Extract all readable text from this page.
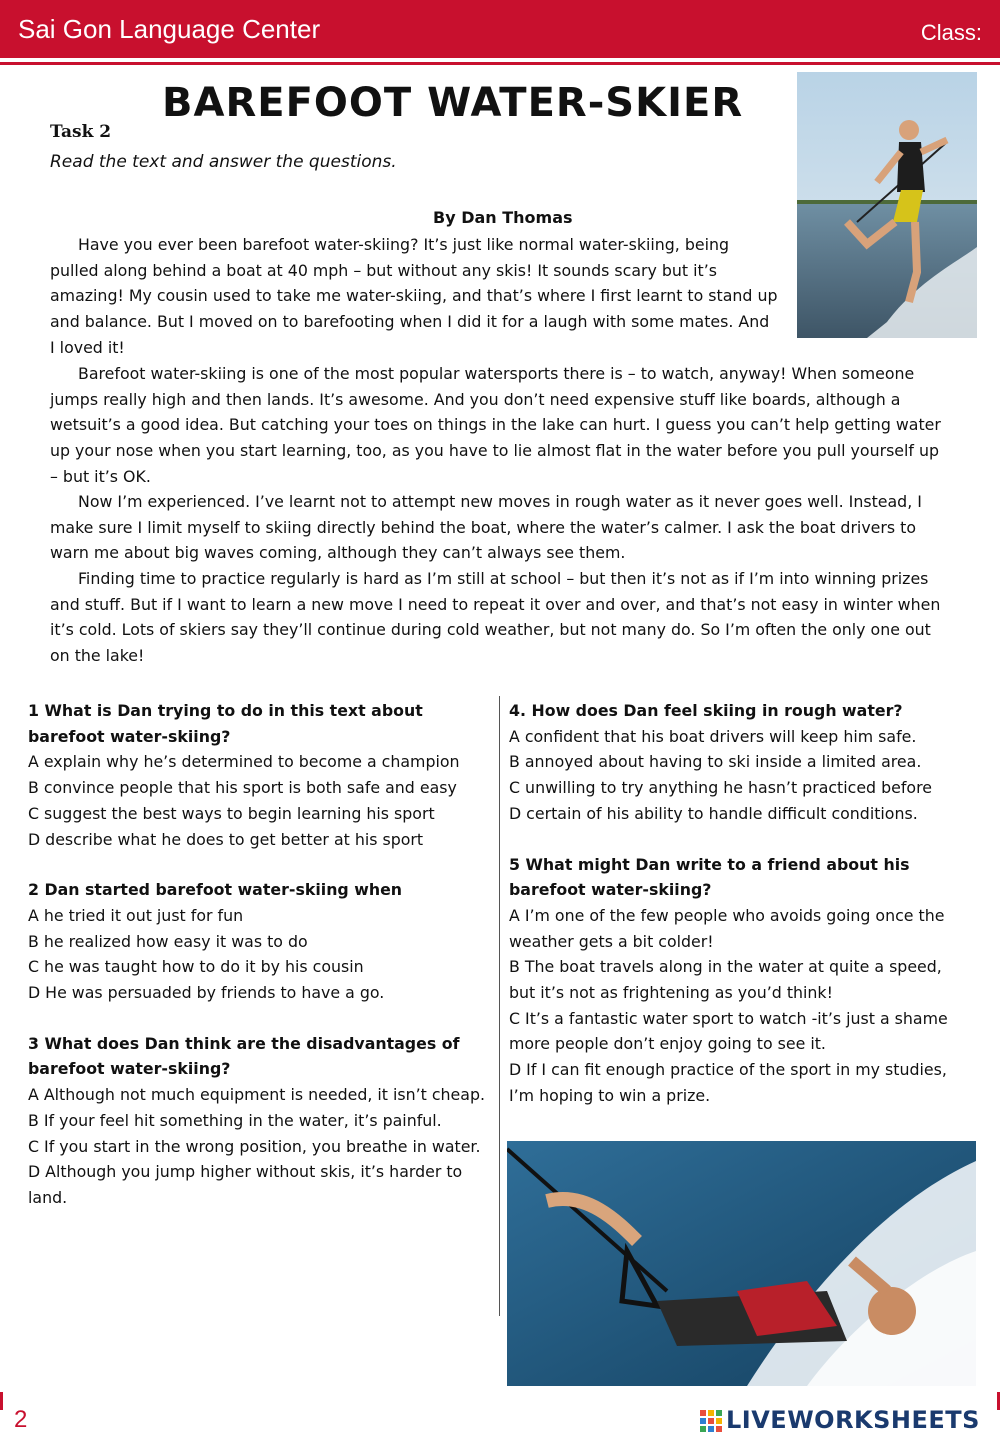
Sai Gon Language Center	Class:
BAREFOOT WATER-SKIER
Task 2
Read the text and answer the questions.
By Dan Thomas

Have you ever been barefoot water-skiing? It’s just like normal water-skiing, being pulled along behind a boat at 40 mph – but without any skis! It sounds scary but it’s amazing! My cousin used to take me water-skiing, and that’s where I first learnt to stand up and balance. But I moved on to barefooting when I did it for a laugh with some mates. And I loved it!

Barefoot water-skiing is one of the most popular watersports there is – to watch, anyway! When someone jumps really high and then lands. It’s awesome. And you don’t need expensive stuff like boards, although a wetsuit’s a good idea. But catching your toes on things in the lake can hurt. I guess you can’t help getting water up your nose when you start learning, too, as you have to lie almost flat in the water before you pull yourself up – but it’s OK.

Now I’m experienced. I’ve learnt not to attempt new moves in rough water as it never goes well. Instead, I make sure I limit myself to skiing directly behind the boat, where the water’s calmer. I ask the boat drivers to warn me about big waves coming, although they can’t always see them.

Finding time to practice regularly is hard as I’m still at school – but then it’s not as if I’m into winning prizes and stuff. But if I want to learn a new move I need to repeat it over and over, and that’s not easy in winter when it’s cold. Lots of skiers say they’ll continue during cold weather, but not many do. So I’m often the only one out on the lake!

1 What is Dan trying to do in this text about barefoot water-skiing?
A explain why he’s determined to become a champion
B convince people that his sport is both safe and easy
C suggest the best ways to begin learning his sport
D describe what he does to get better at his sport
2 Dan started barefoot water-skiing when
A he tried it out just for fun
B he realized how easy it was to do
C he was taught how to do it by his cousin
D He was persuaded by friends to have a go.
3 What does Dan think are the disadvantages of barefoot water-skiing?
A Although not much equipment is needed, it isn’t cheap.
B If your feel hit something in the water, it’s painful.
C If you start in the wrong position, you breathe in water.
D Although you jump higher without skis, it’s harder to land.
4. How does Dan feel skiing in rough water?
A confident that his boat drivers will keep him safe.
B annoyed about having to ski inside a limited area.
C unwilling to try anything he hasn’t practiced before
D certain of his ability to handle difficult conditions.
5 What might Dan write to a friend about his barefoot water-skiing?
A I’m one of the few people who avoids going once the weather gets a bit colder!
B The boat travels along in the water at quite a speed, but it’s not as frightening as you’d think!
C It’s a fantastic water sport to watch -it’s just a shame more people don’t enjoy going to see it.
D If I can fit enough practice of the sport in my studies, I’m hoping to win a prize.
2	LIVEWORKSHEETS
